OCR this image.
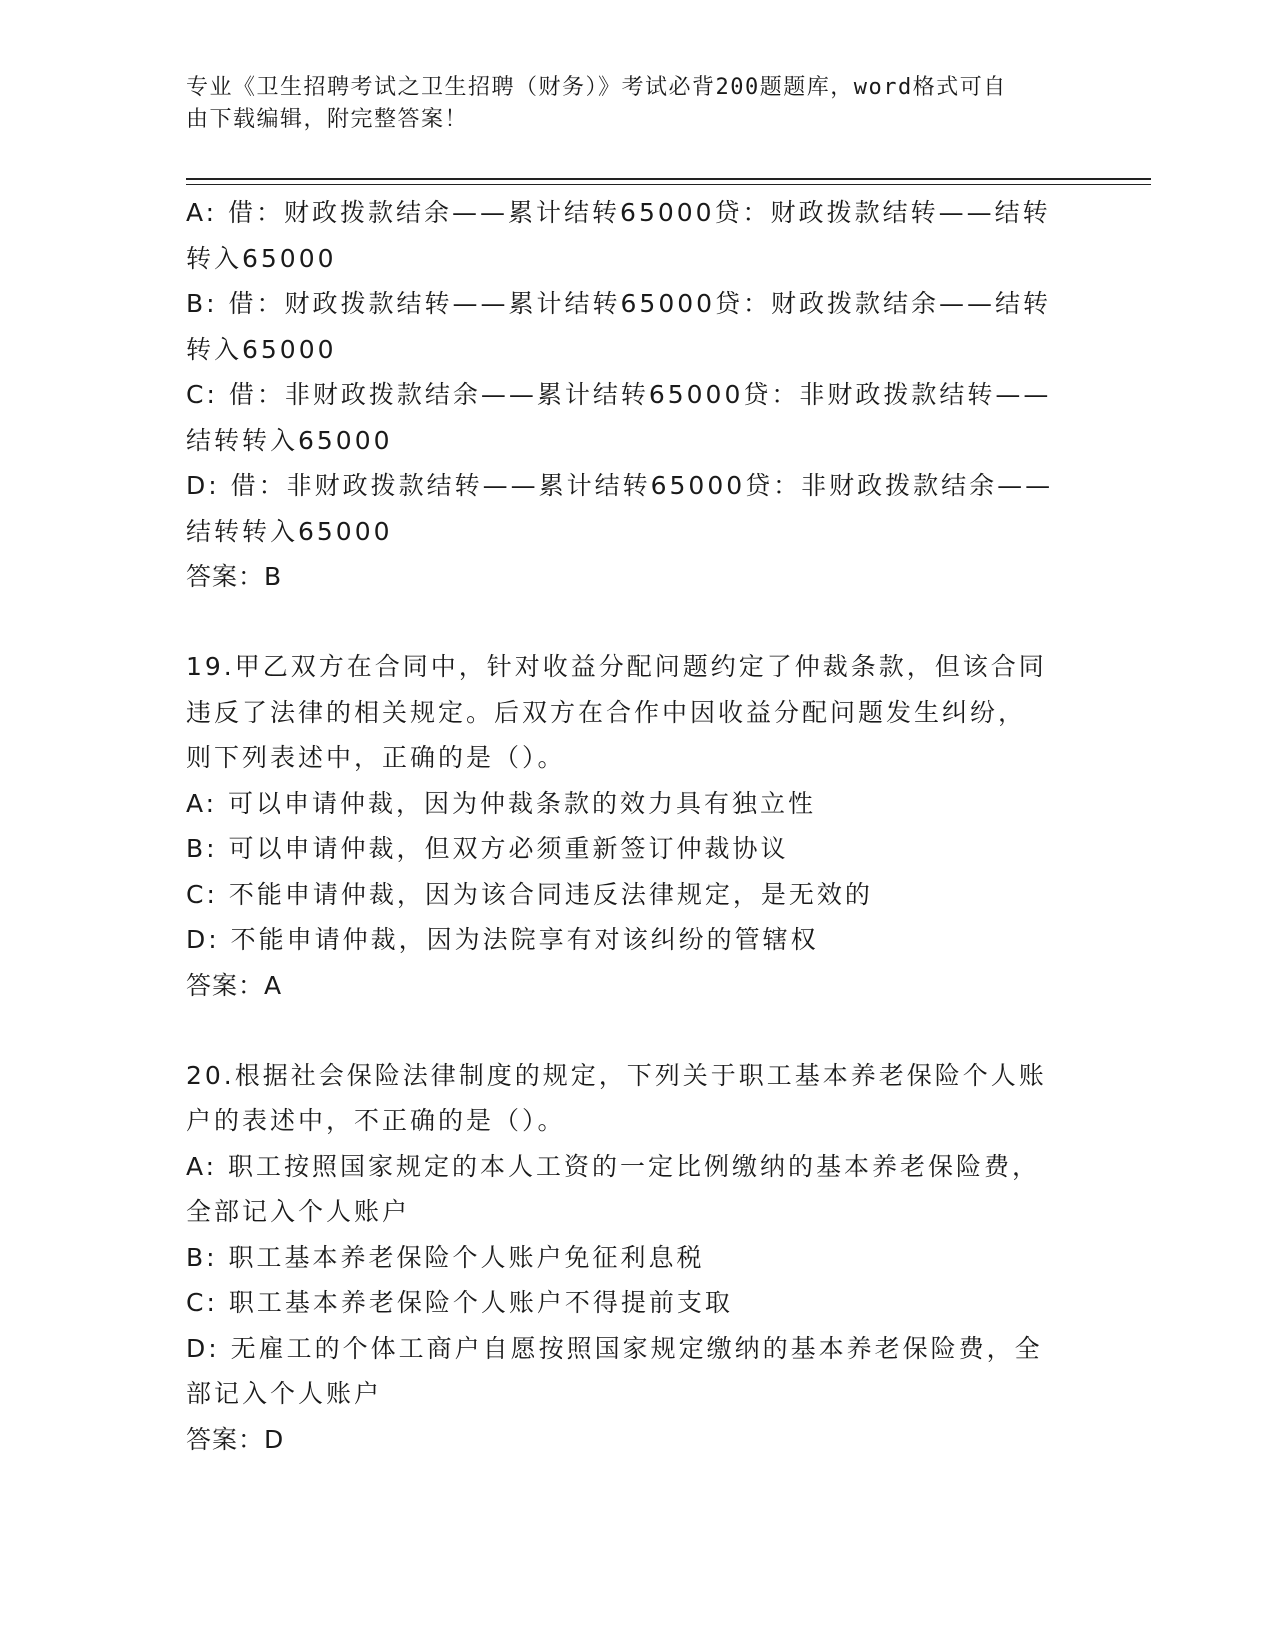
专业《卫生招聘考试之卫生招聘（财务）》考试必背200题题库，word格式可自
由下载编辑，附完整答案！
A: 借：财政拨款结余——累计结转65000贷：财政拨款结转——结转
转入65000
B: 借：财政拨款结转——累计结转65000贷：财政拨款结余——结转
转入65000
C: 借：非财政拨款结余——累计结转65000贷：非财政拨款结转——
结转转入65000
D: 借：非财政拨款结转——累计结转65000贷：非财政拨款结余——
结转转入65000
答案：B
19.甲乙双方在合同中，针对收益分配问题约定了仲裁条款，但该合同
违反了法律的相关规定。后双方在合作中因收益分配问题发生纠纷，
则下列表述中，正确的是（）。
A: 可以申请仲裁，因为仲裁条款的效力具有独立性
B: 可以申请仲裁，但双方必须重新签订仲裁协议
C: 不能申请仲裁，因为该合同违反法律规定，是无效的
D: 不能申请仲裁，因为法院享有对该纠纷的管辖权
答案：A
20.根据社会保险法律制度的规定，下列关于职工基本养老保险个人账
户的表述中，不正确的是（）。
A: 职工按照国家规定的本人工资的一定比例缴纳的基本养老保险费，
全部记入个人账户
B: 职工基本养老保险个人账户免征利息税
C: 职工基本养老保险个人账户不得提前支取
D: 无雇工的个体工商户自愿按照国家规定缴纳的基本养老保险费，全
部记入个人账户
答案：D
